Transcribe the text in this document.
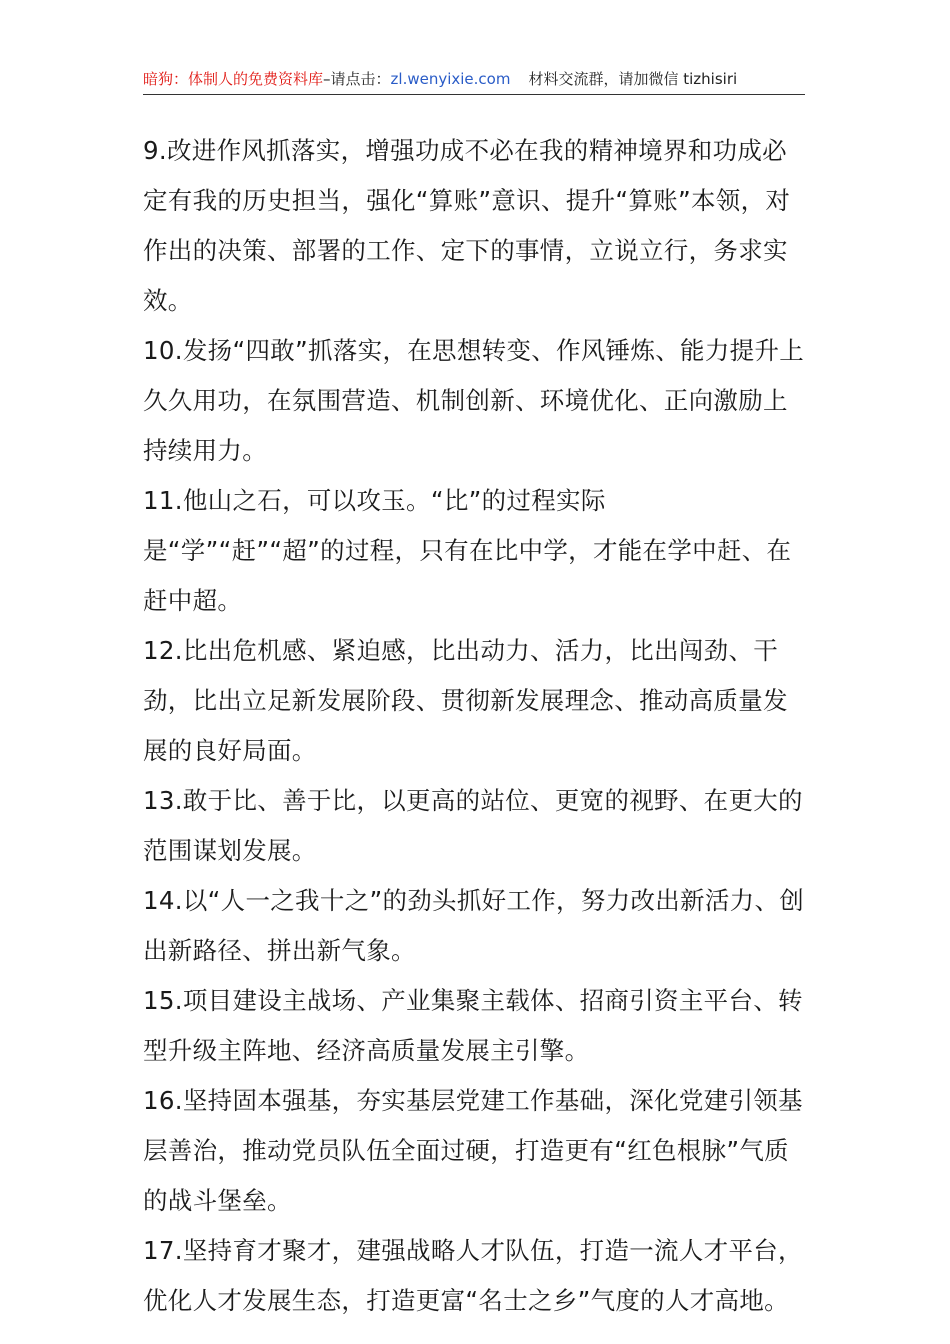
暗狗：体制人的免费资料库–请点击：zl.wenyixie.com 材料交流群，请加微信 tizhisiri

9.改进作风抓落实，增强功成不必在我的精神境界和功成必定有我的历史担当，强化“算账”意识、提升“算账”本领，对作出的决策、部署的工作、定下的事情，立说立行，务求实效。

10.发扬“四敢”抓落实，在思想转变、作风锤炼、能力提升上久久用功，在氛围营造、机制创新、环境优化、正向激励上持续用力。

11.他山之石，可以攻玉。“比”的过程实际是“学”“赶”“超”的过程，只有在比中学，才能在学中赶、在赶中超。

12.比出危机感、紧迫感，比出动力、活力，比出闯劲、干劲，比出立足新发展阶段、贯彻新发展理念、推动高质量发展的良好局面。

13.敢于比、善于比，以更高的站位、更宽的视野、在更大的范围谋划发展。

14.以“人一之我十之”的劲头抓好工作，努力改出新活力、创出新路径、拼出新气象。

15.项目建设主战场、产业集聚主载体、招商引资主平台、转型升级主阵地、经济高质量发展主引擎。

16.坚持固本强基，夯实基层党建工作基础，深化党建引领基层善治，推动党员队伍全面过硬，打造更有“红色根脉”气质的战斗堡垒。

17.坚持育才聚才，建强战略人才队伍，打造一流人才平台，优化人才发展生态，打造更富“名士之乡”气度的人才高地。
